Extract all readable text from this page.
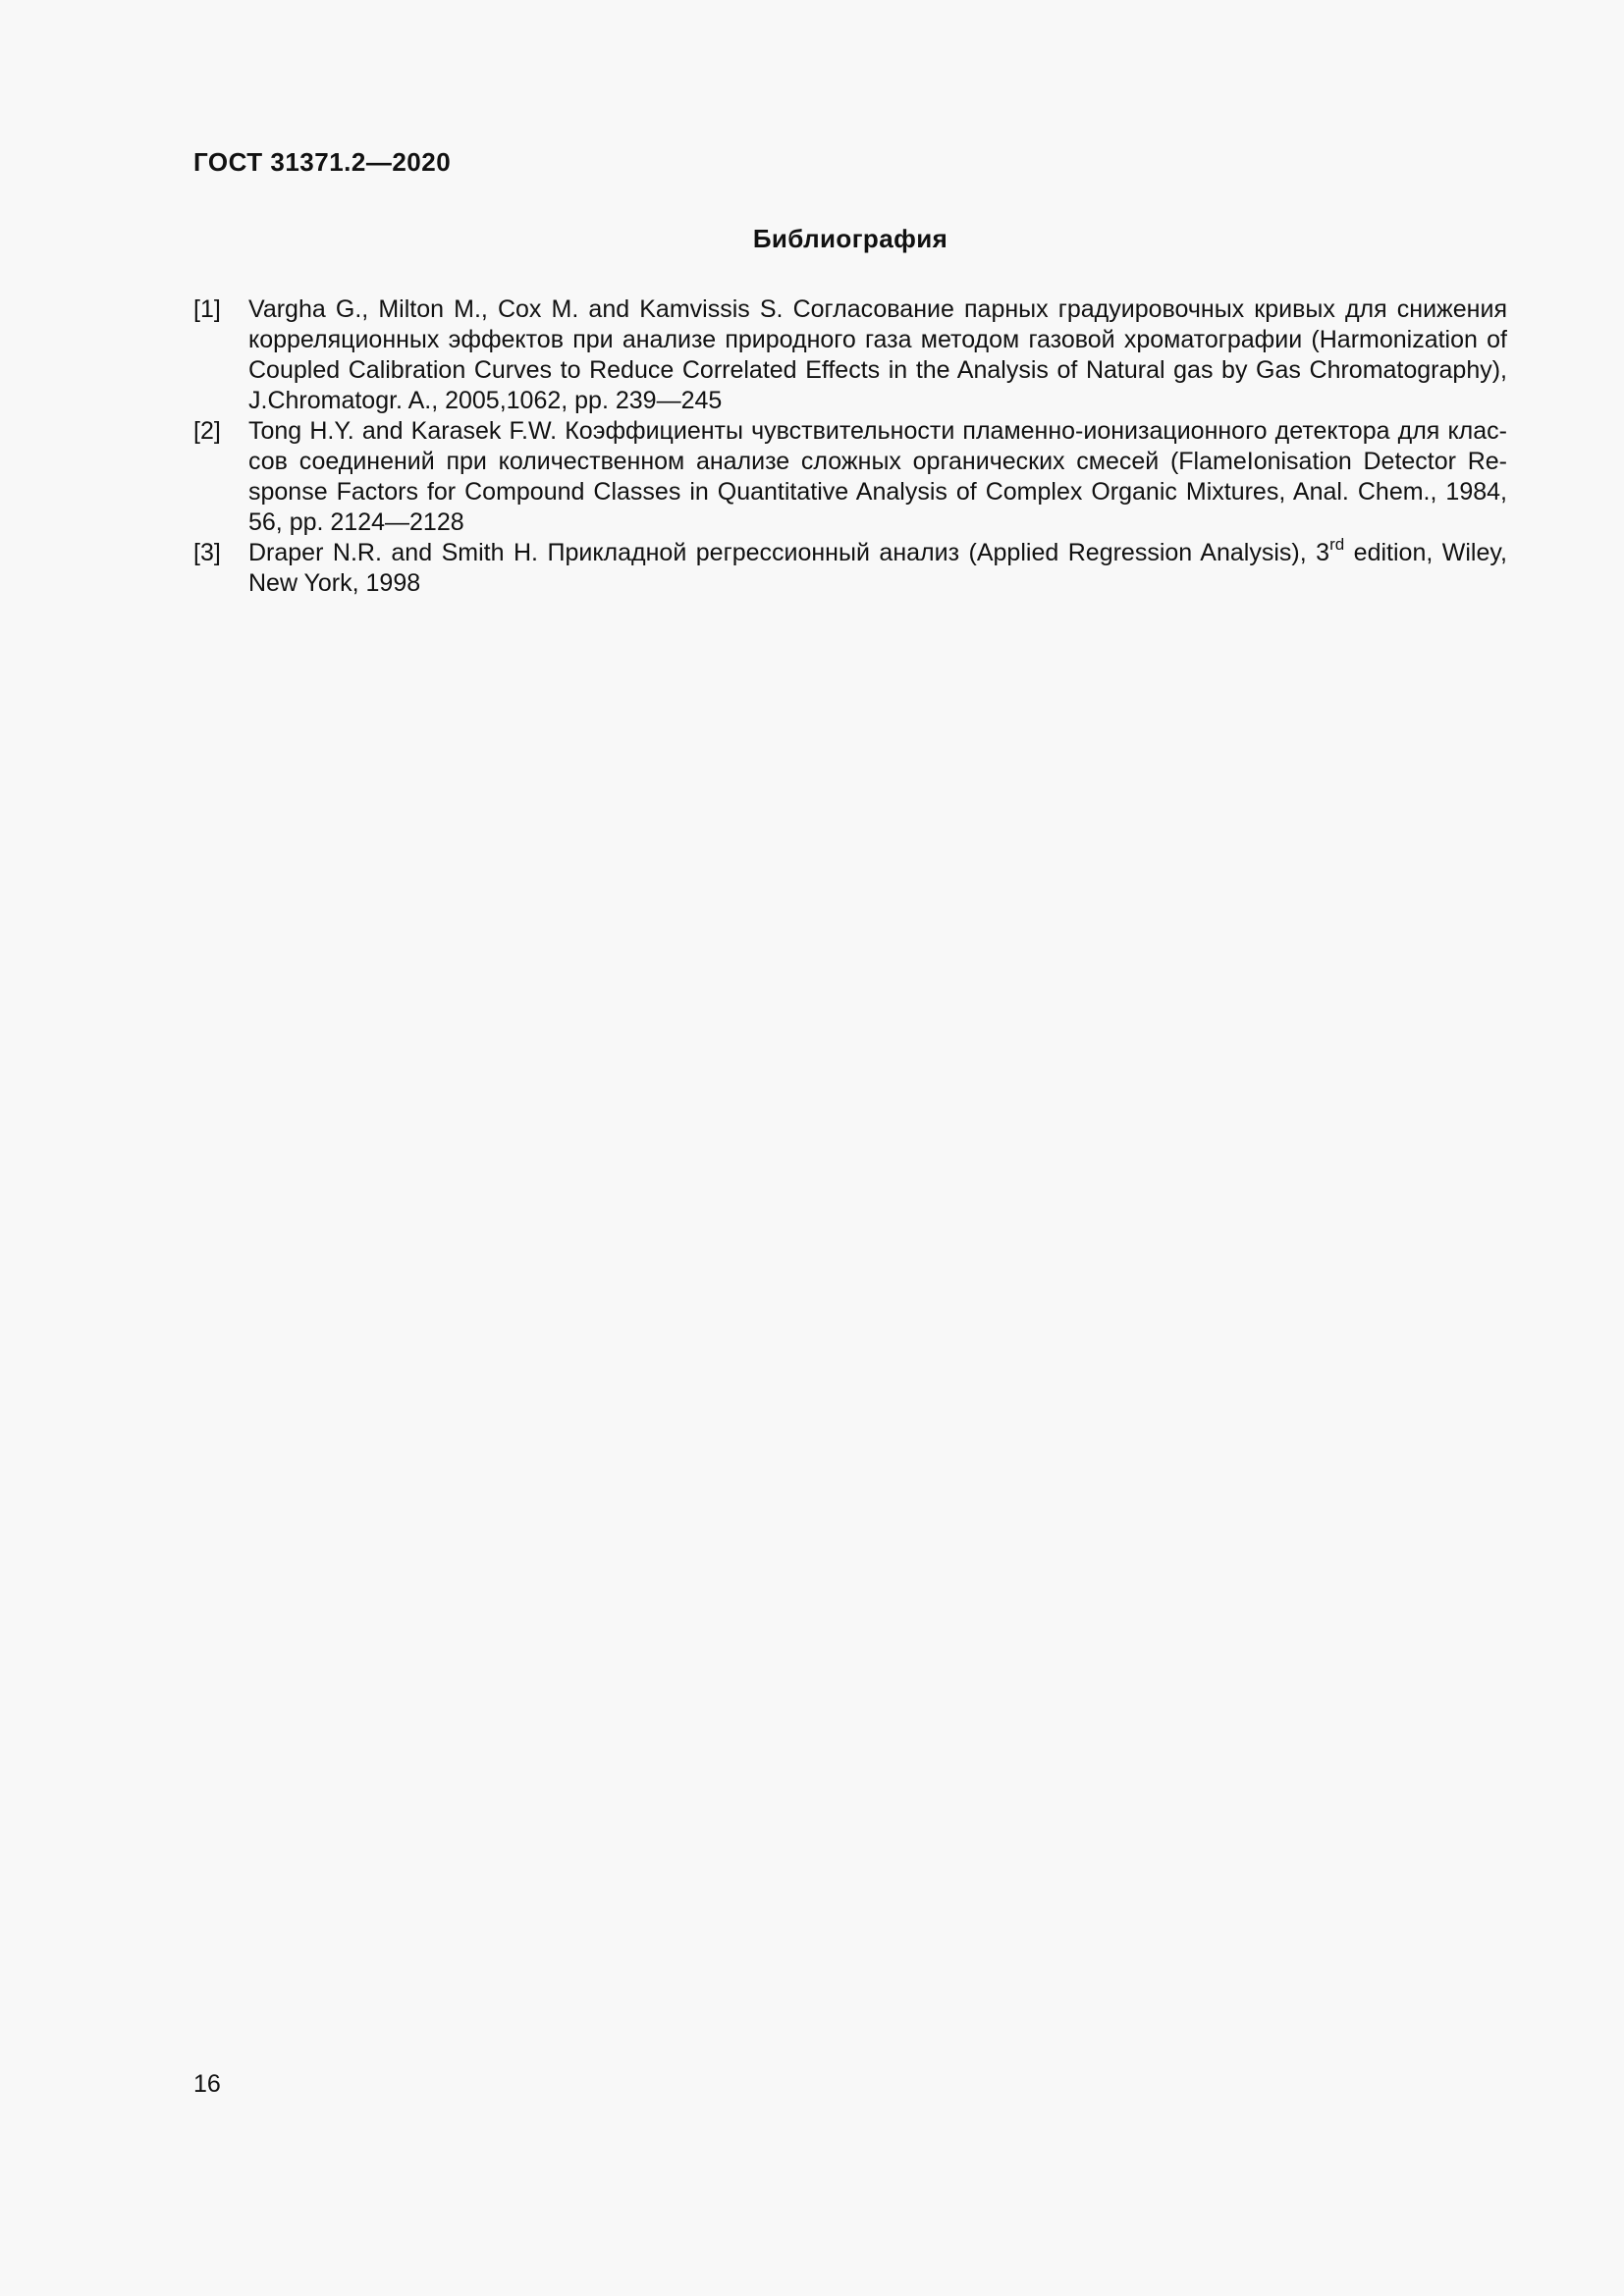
ГОСТ 31371.2—2020
Библиография

[1] Vargha G., Milton M., Cox M. and Kamvissis S. Согласование парных градуировочных кривых для снижения корреляционных эффектов при анализе природного газа методом газовой хроматографии (Harmonization of Coupled Calibration Curves to Reduce Correlated Effects in the Analysis of Natural gas by Gas Chromatography), J.Chromatogr. A., 2005,1062, pp. 239—245

[2] Tong H.Y. and Karasek F.W. Коэффициенты чувствительности пламенно-ионизационного детектора для клас-сов соединений при количественном анализе сложных органических смесей (FlameIonisation Detector Re-sponse Factors for Compound Classes in Quantitative Analysis of Complex Organic Mixtures, Anal. Chem., 1984, 56, pp. 2124—2128

[3] Draper N.R. and Smith H. Прикладной регрессионный анализ (Applied Regression Analysis), 3rd edition, Wiley, New York, 1998

16
